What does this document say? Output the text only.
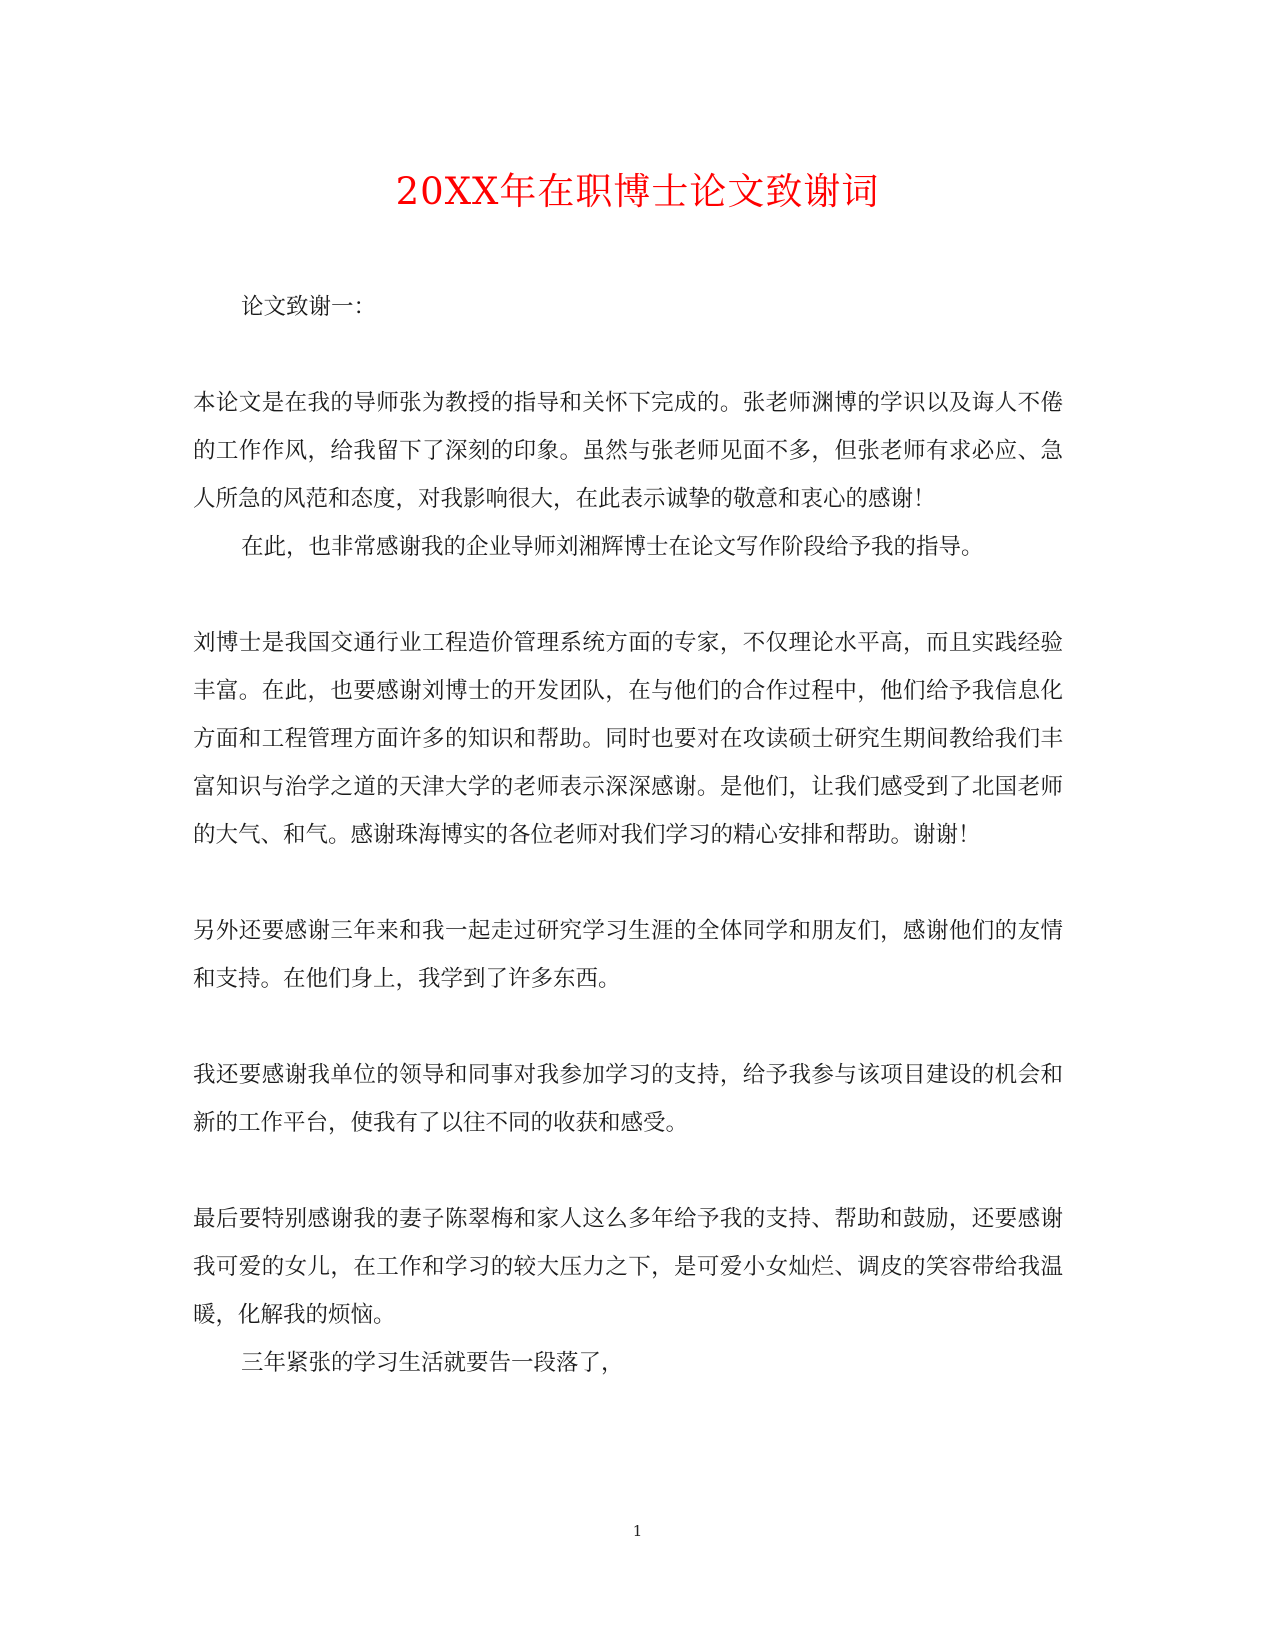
20XX年在职博士论文致谢词

论文致谢一：

本论文是在我的导师张为教授的指导和关怀下完成的。张老师渊博的学识以及诲人不倦的工作作风，给我留下了深刻的印象。虽然与张老师见面不多，但张老师有求必应、急人所急的风范和态度，对我影响很大，在此表示诚挚的敬意和衷心的感谢！

在此，也非常感谢我的企业导师刘湘辉博士在论文写作阶段给予我的指导。

刘博士是我国交通行业工程造价管理系统方面的专家，不仅理论水平高，而且实践经验丰富。在此，也要感谢刘博士的开发团队，在与他们的合作过程中，他们给予我信息化方面和工程管理方面许多的知识和帮助。同时也要对在攻读硕士研究生期间教给我们丰富知识与治学之道的天津大学的老师表示深深感谢。是他们，让我们感受到了北国老师的大气、和气。感谢珠海博实的各位老师对我们学习的精心安排和帮助。谢谢！

另外还要感谢三年来和我一起走过研究学习生涯的全体同学和朋友们，感谢他们的友情和支持。在他们身上，我学到了许多东西。

我还要感谢我单位的领导和同事对我参加学习的支持，给予我参与该项目建设的机会和新的工作平台，使我有了以往不同的收获和感受。

最后要特别感谢我的妻子陈翠梅和家人这么多年给予我的支持、帮助和鼓励，还要感谢我可爱的女儿，在工作和学习的较大压力之下，是可爱小女灿烂、调皮的笑容带给我温暖，化解我的烦恼。

三年紧张的学习生活就要告一段落了，

1
